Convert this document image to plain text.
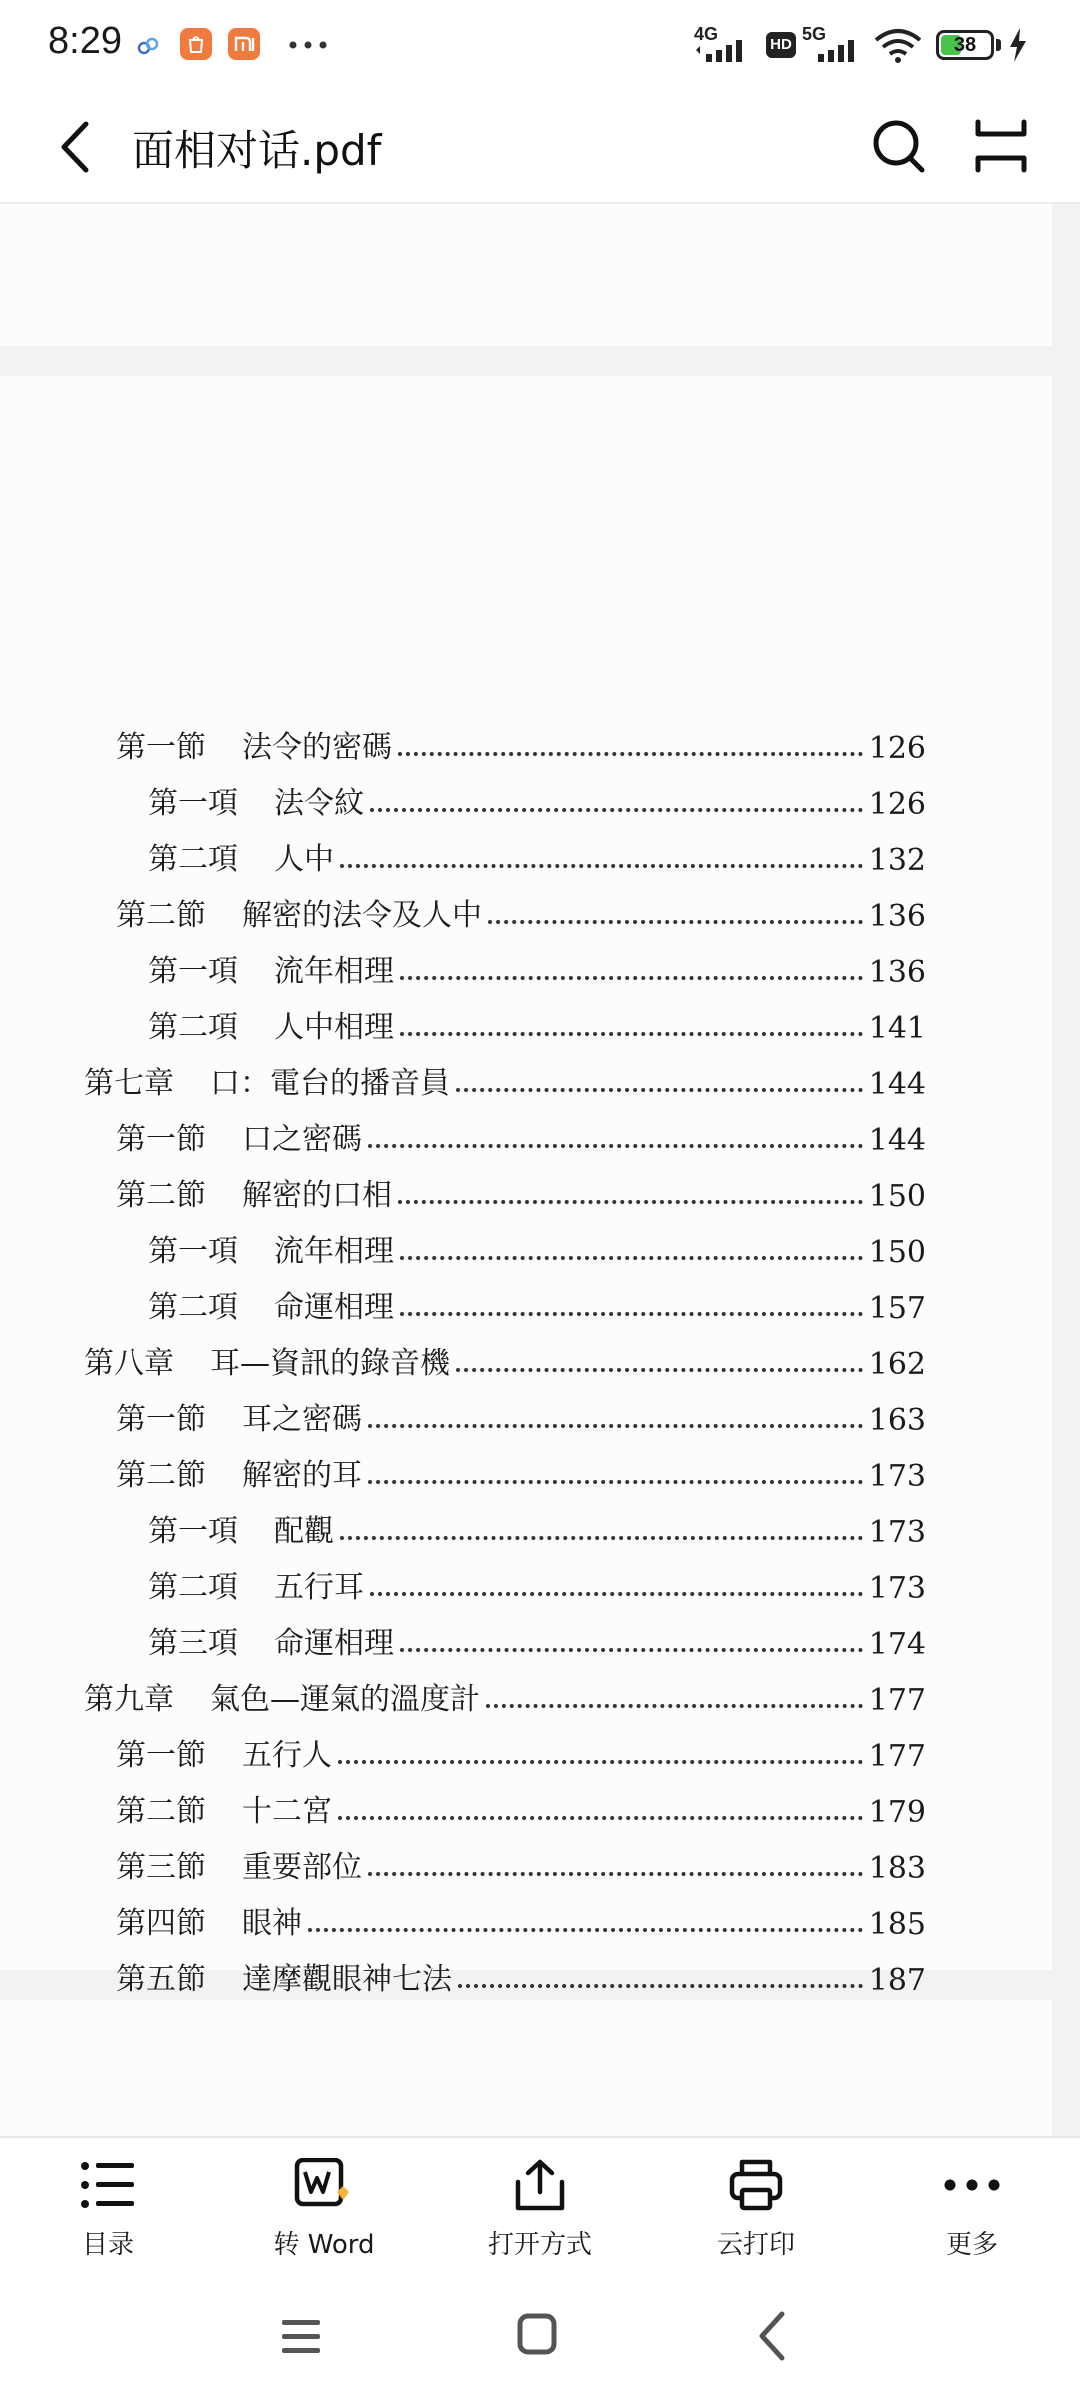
8:29	4G
HD
5G	38
面相对话.pdf
第一節 法令的密碼	126
第一項 法令紋	126
第二項 人中	132
第二節 解密的法令及人中	136
第一項 流年相理	136
第二項 人中相理	141
第七章 口：電台的播音員	144
第一節 口之密碼	144
第二節 解密的口相	150
第一項 流年相理	150
第二項 命運相理	157
第八章 耳—資訊的錄音機	162
第一節 耳之密碼	163
第二節 解密的耳	173
第一項 配觀	173
第二項 五行耳	173
第三項 命運相理	174
第九章 氣色—運氣的溫度計	177
第一節 五行人	177
第二節 十二宮	179
第三節 重要部位	183
第四節 眼神	185
第五節 達摩觀眼神七法	187
目录	转 Word	打开方式	云打印	更多
